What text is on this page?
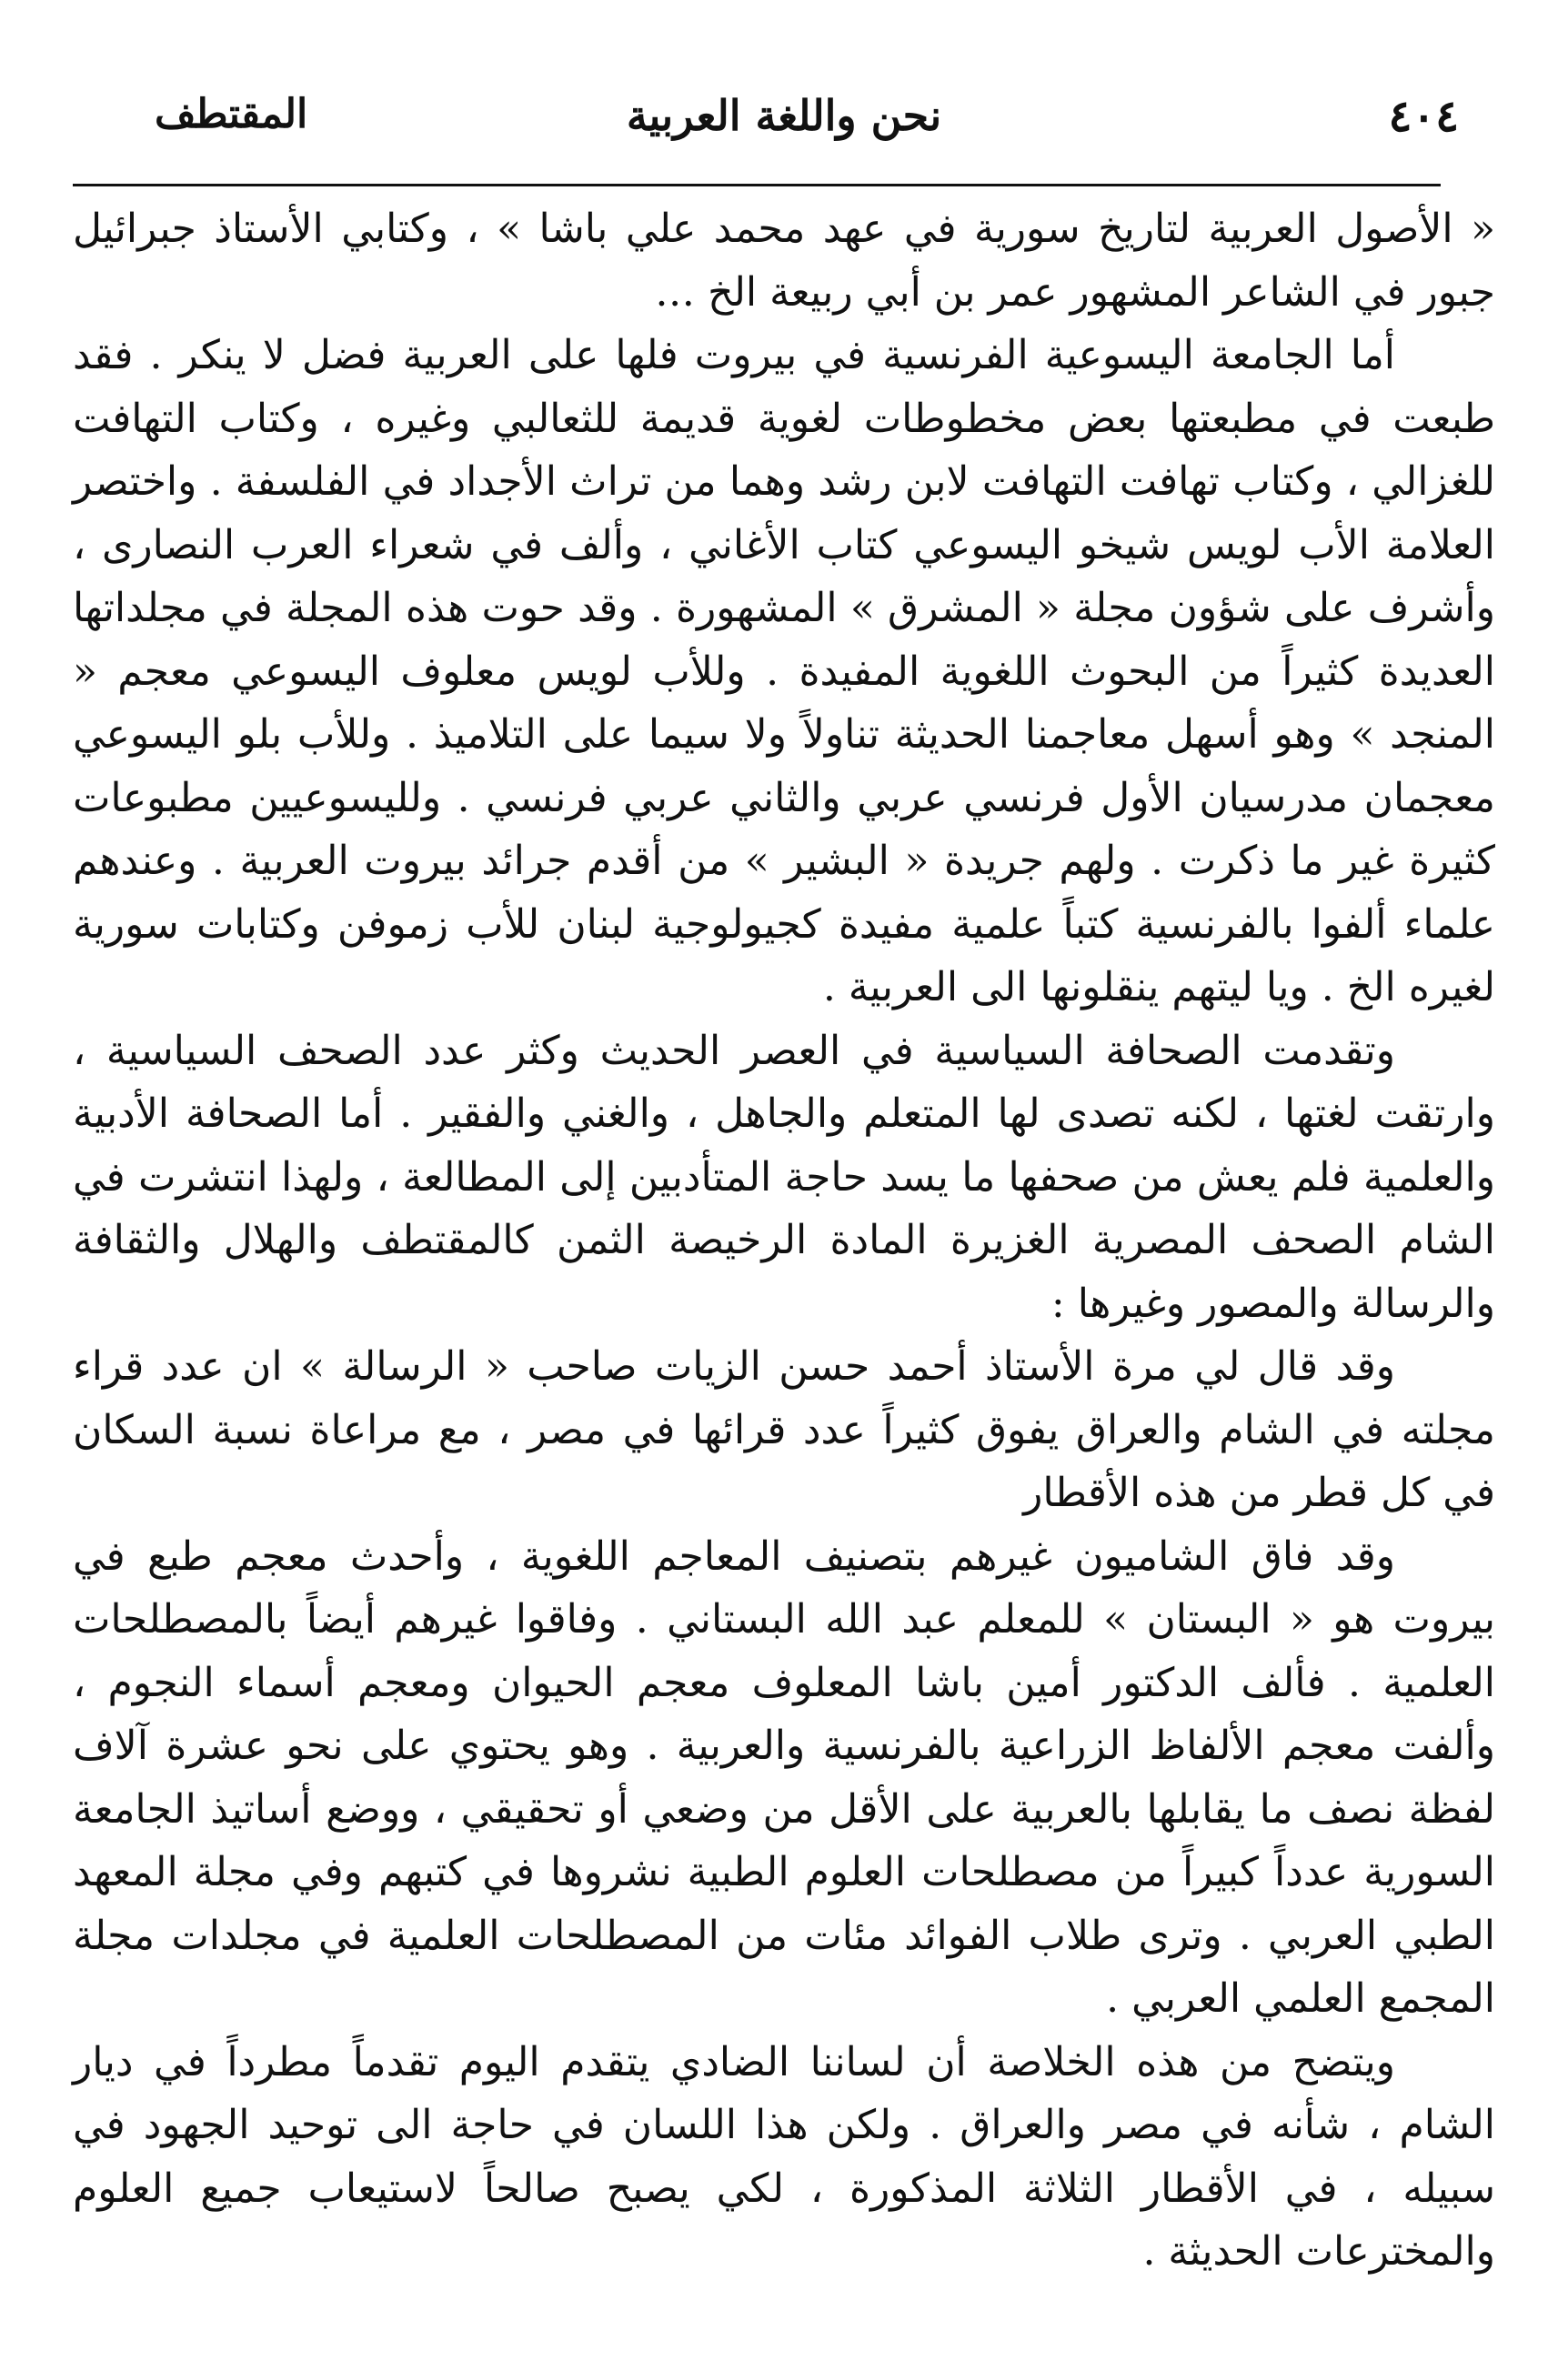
٤٠٤
نحن واللغة العربية
المقتطف

« الأصول العربية لتاريخ سورية في عهد محمد علي باشا » ، وكتابي الأستاذ جبرائيل جبور في الشاعر المشهور عمر بن أبي ربيعة الخ …

أما الجامعة اليسوعية الفرنسية في بيروت فلها على العربية فضل لا ينكر . فقد طبعت في مطبعتها بعض مخطوطات لغوية قديمة للثعالبي وغيره ، وكتاب التهافت للغزالي ، وكتاب تهافت التهافت لابن رشد وهما من تراث الأجداد في الفلسفة . واختصر العلامة الأب لويس شيخو اليسوعي كتاب الأغاني ، وألف في شعراء العرب النصارى ، وأشرف على شؤون مجلة « المشرق » المشهورة . وقد حوت هذه المجلة في مجلداتها العديدة كثيراً من البحوث اللغوية المفيدة . وللأب لويس معلوف اليسوعي معجم « المنجد » وهو أسهل معاجمنا الحديثة تناولاً ولا سيما على التلاميذ . وللأب بلو اليسوعي معجمان مدرسيان الأول فرنسي عربي والثاني عربي فرنسي . ولليسوعيين مطبوعات كثيرة غير ما ذكرت . ولهم جريدة « البشير » من أقدم جرائد بيروت العربية . وعندهم علماء ألفوا بالفرنسية كتباً علمية مفيدة كجيولوجية لبنان للأب زموفن وكتابات سورية لغيره الخ . ويا ليتهم ينقلونها الى العربية .

وتقدمت الصحافة السياسية في العصر الحديث وكثر عدد الصحف السياسية ، وارتقت لغتها ، لكنه تصدى لها المتعلم والجاهل ، والغني والفقير . أما الصحافة الأدبية والعلمية فلم يعش من صحفها ما يسد حاجة المتأدبين إلى المطالعة ، ولهذا انتشرت في الشام الصحف المصرية الغزيرة المادة الرخيصة الثمن كالمقتطف والهلال والثقافة والرسالة والمصور وغيرها :

وقد قال لي مرة الأستاذ أحمد حسن الزيات صاحب « الرسالة » ان عدد قراء مجلته في الشام والعراق يفوق كثيراً عدد قرائها في مصر ، مع مراعاة نسبة السكان في كل قطر من هذه الأقطار

وقد فاق الشاميون غيرهم بتصنيف المعاجم اللغوية ، وأحدث معجم طبع في بيروت هو « البستان » للمعلم عبد الله البستاني . وفاقوا غيرهم أيضاً بالمصطلحات العلمية . فألف الدكتور أمين باشا المعلوف معجم الحيوان ومعجم أسماء النجوم ، وألفت معجم الألفاظ الزراعية بالفرنسية والعربية . وهو يحتوي على نحو عشرة آلاف لفظة نصف ما يقابلها بالعربية على الأقل من وضعي أو تحقيقي ، ووضع أساتيذ الجامعة السورية عدداً كبيراً من مصطلحات العلوم الطبية نشروها في كتبهم وفي مجلة المعهد الطبي العربي . وترى طلاب الفوائد مئات من المصطلحات العلمية في مجلدات مجلة المجمع العلمي العربي .

ويتضح من هذه الخلاصة أن لساننا الضادي يتقدم اليوم تقدماً مطرداً في ديار الشام ، شأنه في مصر والعراق . ولكن هذا اللسان في حاجة الى توحيد الجهود في سبيله ، في الأقطار الثلاثة المذكورة ، لكي يصبح صالحاً لاستيعاب جميع العلوم والمخترعات الحديثة .
